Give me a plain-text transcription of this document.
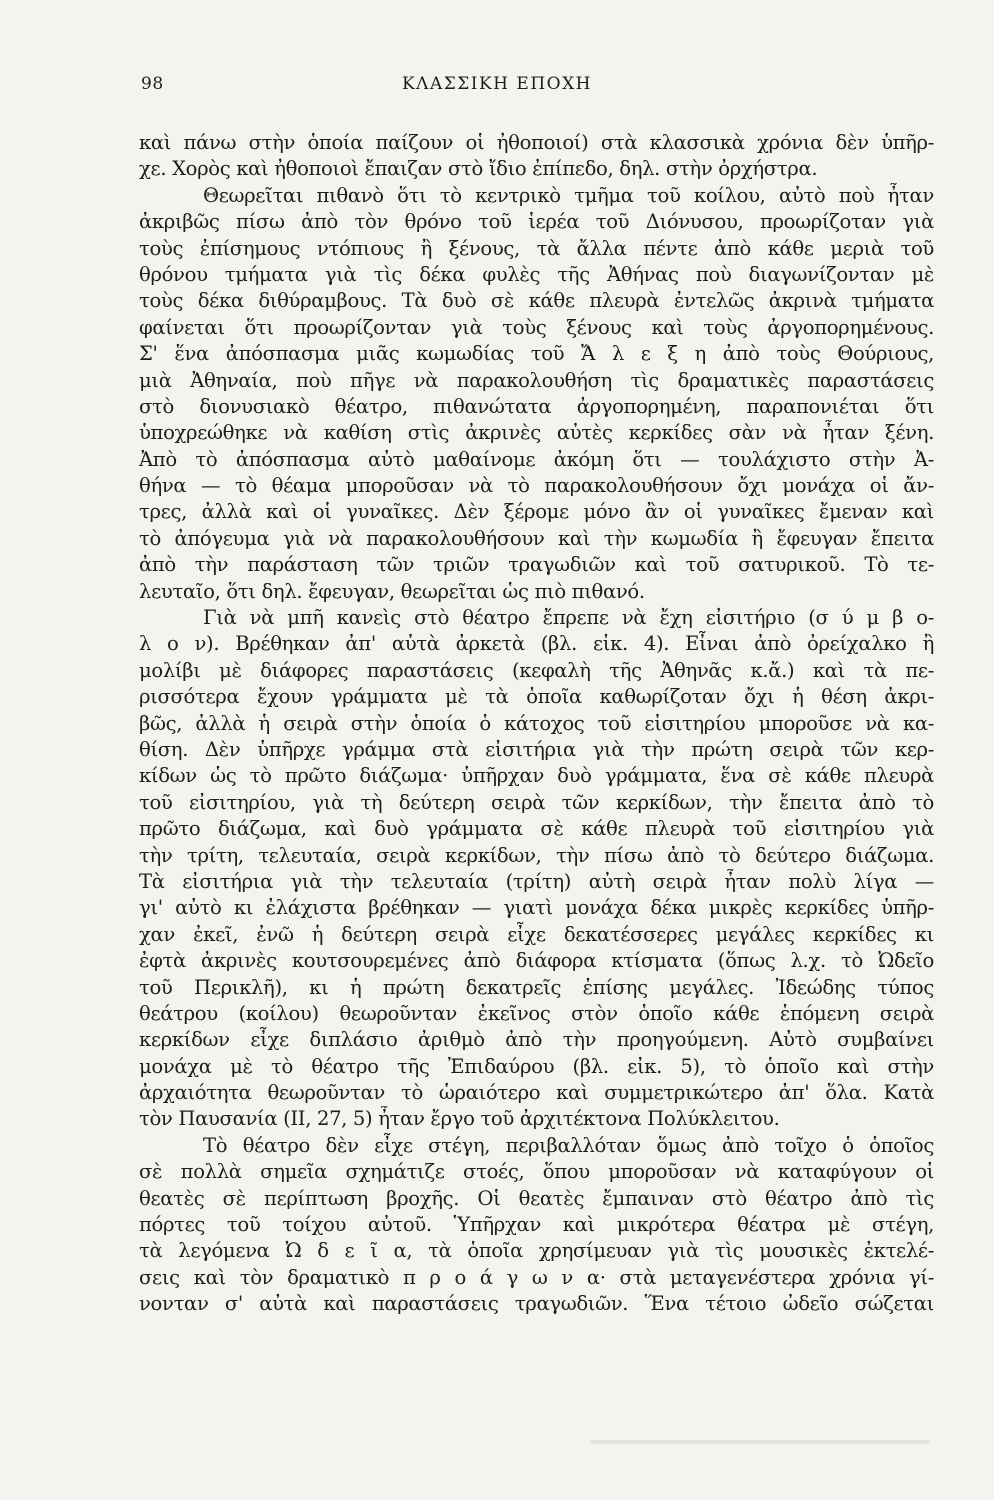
98	ΚΛΑΣΣΙΚΗ ΕΠΟΧΗ
καὶ πάνω στὴν ὁποία παίζουν οἱ ἠθοποιοί) στὰ κλασσικὰ χρόνια δὲν ὑπῆρ-
χε. Χορὸς καὶ ἠθοποιοὶ ἔπαιζαν στὸ ἴδιο ἐπίπεδο, δηλ. στὴν ὀρχήστρα.
Θεωρεῖται πιθανὸ ὅτι τὸ κεντρικὸ τμῆμα τοῦ κοίλου, αὐτὸ ποὺ ἦταν
ἀκριβῶς πίσω ἀπὸ τὸν θρόνο τοῦ ἱερέα τοῦ Διόνυσου, προωρίζοταν γιὰ
τοὺς ἐπίσημους ντόπιους ἢ ξένους, τὰ ἄλλα πέντε ἀπὸ κάθε μεριὰ τοῦ
θρόνου τμήματα γιὰ τὶς δέκα φυλὲς τῆς Ἀθήνας ποὺ διαγωνίζονταν μὲ
τοὺς δέκα διθύραμβους. Τὰ δυὸ σὲ κάθε πλευρὰ ἐντελῶς ἀκρινὰ τμήματα
φαίνεται ὅτι προωρίζονταν γιὰ τοὺς ξένους καὶ τοὺς ἀργοπορημένους.
Σ' ἕνα ἀπόσπασμα μιᾶς κωμωδίας τοῦ Ἄ λ ε ξ η ἀπὸ τοὺς Θούριους,
μιὰ Ἀθηναία, ποὺ πῆγε νὰ παρακολουθήση τὶς δραματικὲς παραστάσεις
στὸ διονυσιακὸ θέατρο, πιθανώτατα ἀργοπορημένη, παραπονιέται ὅτι
ὑποχρεώθηκε νὰ καθίση στὶς ἀκρινὲς αὐτὲς κερκίδες σὰν νὰ ἦταν ξένη.
Ἀπὸ τὸ ἀπόσπασμα αὐτὸ μαθαίνομε ἀκόμη ὅτι — τουλάχιστο στὴν Ἀ-
θήνα — τὸ θέαμα μποροῦσαν νὰ τὸ παρακολουθήσουν ὄχι μονάχα οἱ ἄν-
τρες, ἀλλὰ καὶ οἱ γυναῖκες. Δὲν ξέρομε μόνο ἂν οἱ γυναῖκες ἔμεναν καὶ
τὸ ἀπόγευμα γιὰ νὰ παρακολουθήσουν καὶ τὴν κωμωδία ἢ ἔφευγαν ἔπειτα
ἀπὸ τὴν παράσταση τῶν τριῶν τραγωδιῶν καὶ τοῦ σατυρικοῦ. Τὸ τε-
λευταῖο, ὅτι δηλ. ἔφευγαν, θεωρεῖται ὡς πιὸ πιθανό.
Γιὰ νὰ μπῆ κανεὶς στὸ θέατρο ἔπρεπε νὰ ἔχη εἰσιτήριο (σ ύ μ β ο-
λ ο ν). Βρέθηκαν ἀπ' αὐτὰ ἀρκετὰ (βλ. εἰκ. 4). Εἶναι ἀπὸ ὀρείχαλκο ἢ
μολίβι μὲ διάφορες παραστάσεις (κεφαλὴ τῆς Ἀθηνᾶς κ.ἄ.) καὶ τὰ πε-
ρισσότερα ἔχουν γράμματα μὲ τὰ ὁποῖα καθωρίζοταν ὄχι ἡ θέση ἀκρι-
βῶς, ἀλλὰ ἡ σειρὰ στὴν ὁποία ὁ κάτοχος τοῦ εἰσιτηρίου μποροῦσε νὰ κα-
θίση. Δὲν ὑπῆρχε γράμμα στὰ εἰσιτήρια γιὰ τὴν πρώτη σειρὰ τῶν κερ-
κίδων ὡς τὸ πρῶτο διάζωμα· ὑπῆρχαν δυὸ γράμματα, ἕνα σὲ κάθε πλευρὰ
τοῦ εἰσιτηρίου, γιὰ τὴ δεύτερη σειρὰ τῶν κερκίδων, τὴν ἔπειτα ἀπὸ τὸ
πρῶτο διάζωμα, καὶ δυὸ γράμματα σὲ κάθε πλευρὰ τοῦ εἰσιτηρίου γιὰ
τὴν τρίτη, τελευταία, σειρὰ κερκίδων, τὴν πίσω ἀπὸ τὸ δεύτερο διάζωμα.
Τὰ εἰσιτήρια γιὰ τὴν τελευταία (τρίτη) αὐτὴ σειρὰ ἦταν πολὺ λίγα —
γι' αὐτὸ κι ἐλάχιστα βρέθηκαν — γιατὶ μονάχα δέκα μικρὲς κερκίδες ὑπῆρ-
χαν ἐκεῖ, ἐνῶ ἡ δεύτερη σειρὰ εἶχε δεκατέσσερες μεγάλες κερκίδες κι
ἐφτὰ ἀκρινὲς κουτσουρεμένες ἀπὸ διάφορα κτίσματα (ὅπως λ.χ. τὸ Ὠδεῖο
τοῦ Περικλῆ), κι ἡ πρώτη δεκατρεῖς ἐπίσης μεγάλες. Ἰδεώδης τύπος
θεάτρου (κοίλου) θεωροῦνταν ἐκεῖνος στὸν ὁποῖο κάθε ἑπόμενη σειρὰ
κερκίδων εἶχε διπλάσιο ἀριθμὸ ἀπὸ τὴν προηγούμενη. Αὐτὸ συμβαίνει
μονάχα μὲ τὸ θέατρο τῆς Ἐπιδαύρου (βλ. εἰκ. 5), τὸ ὁποῖο καὶ στὴν
ἀρχαιότητα θεωροῦνταν τὸ ὡραιότερο καὶ συμμετρικώτερο ἀπ' ὅλα. Κατὰ
τὸν Παυσανία (ΙΙ, 27, 5) ἦταν ἔργο τοῦ ἀρχιτέκτονα Πολύκλειτου.
Τὸ θέατρο δὲν εἶχε στέγη, περιβαλλόταν ὅμως ἀπὸ τοῖχο ὁ ὁποῖος
σὲ πολλὰ σημεῖα σχημάτιζε στοές, ὅπου μποροῦσαν νὰ καταφύγουν οἱ
θεατὲς σὲ περίπτωση βροχῆς. Οἱ θεατὲς ἔμπαιναν στὸ θέατρο ἀπὸ τὶς
πόρτες τοῦ τοίχου αὐτοῦ. Ὑπῆρχαν καὶ μικρότερα θέατρα μὲ στέγη,
τὰ λεγόμενα Ὠ δ ε ῖ α, τὰ ὁποῖα χρησίμευαν γιὰ τὶς μουσικὲς ἐκτελέ-
σεις καὶ τὸν δραματικὸ π ρ ο ά γ ω ν α· στὰ μεταγενέστερα χρόνια γί-
νονταν σ' αὐτὰ καὶ παραστάσεις τραγωδιῶν. Ἕνα τέτοιο ὠδεῖο σώζεται
